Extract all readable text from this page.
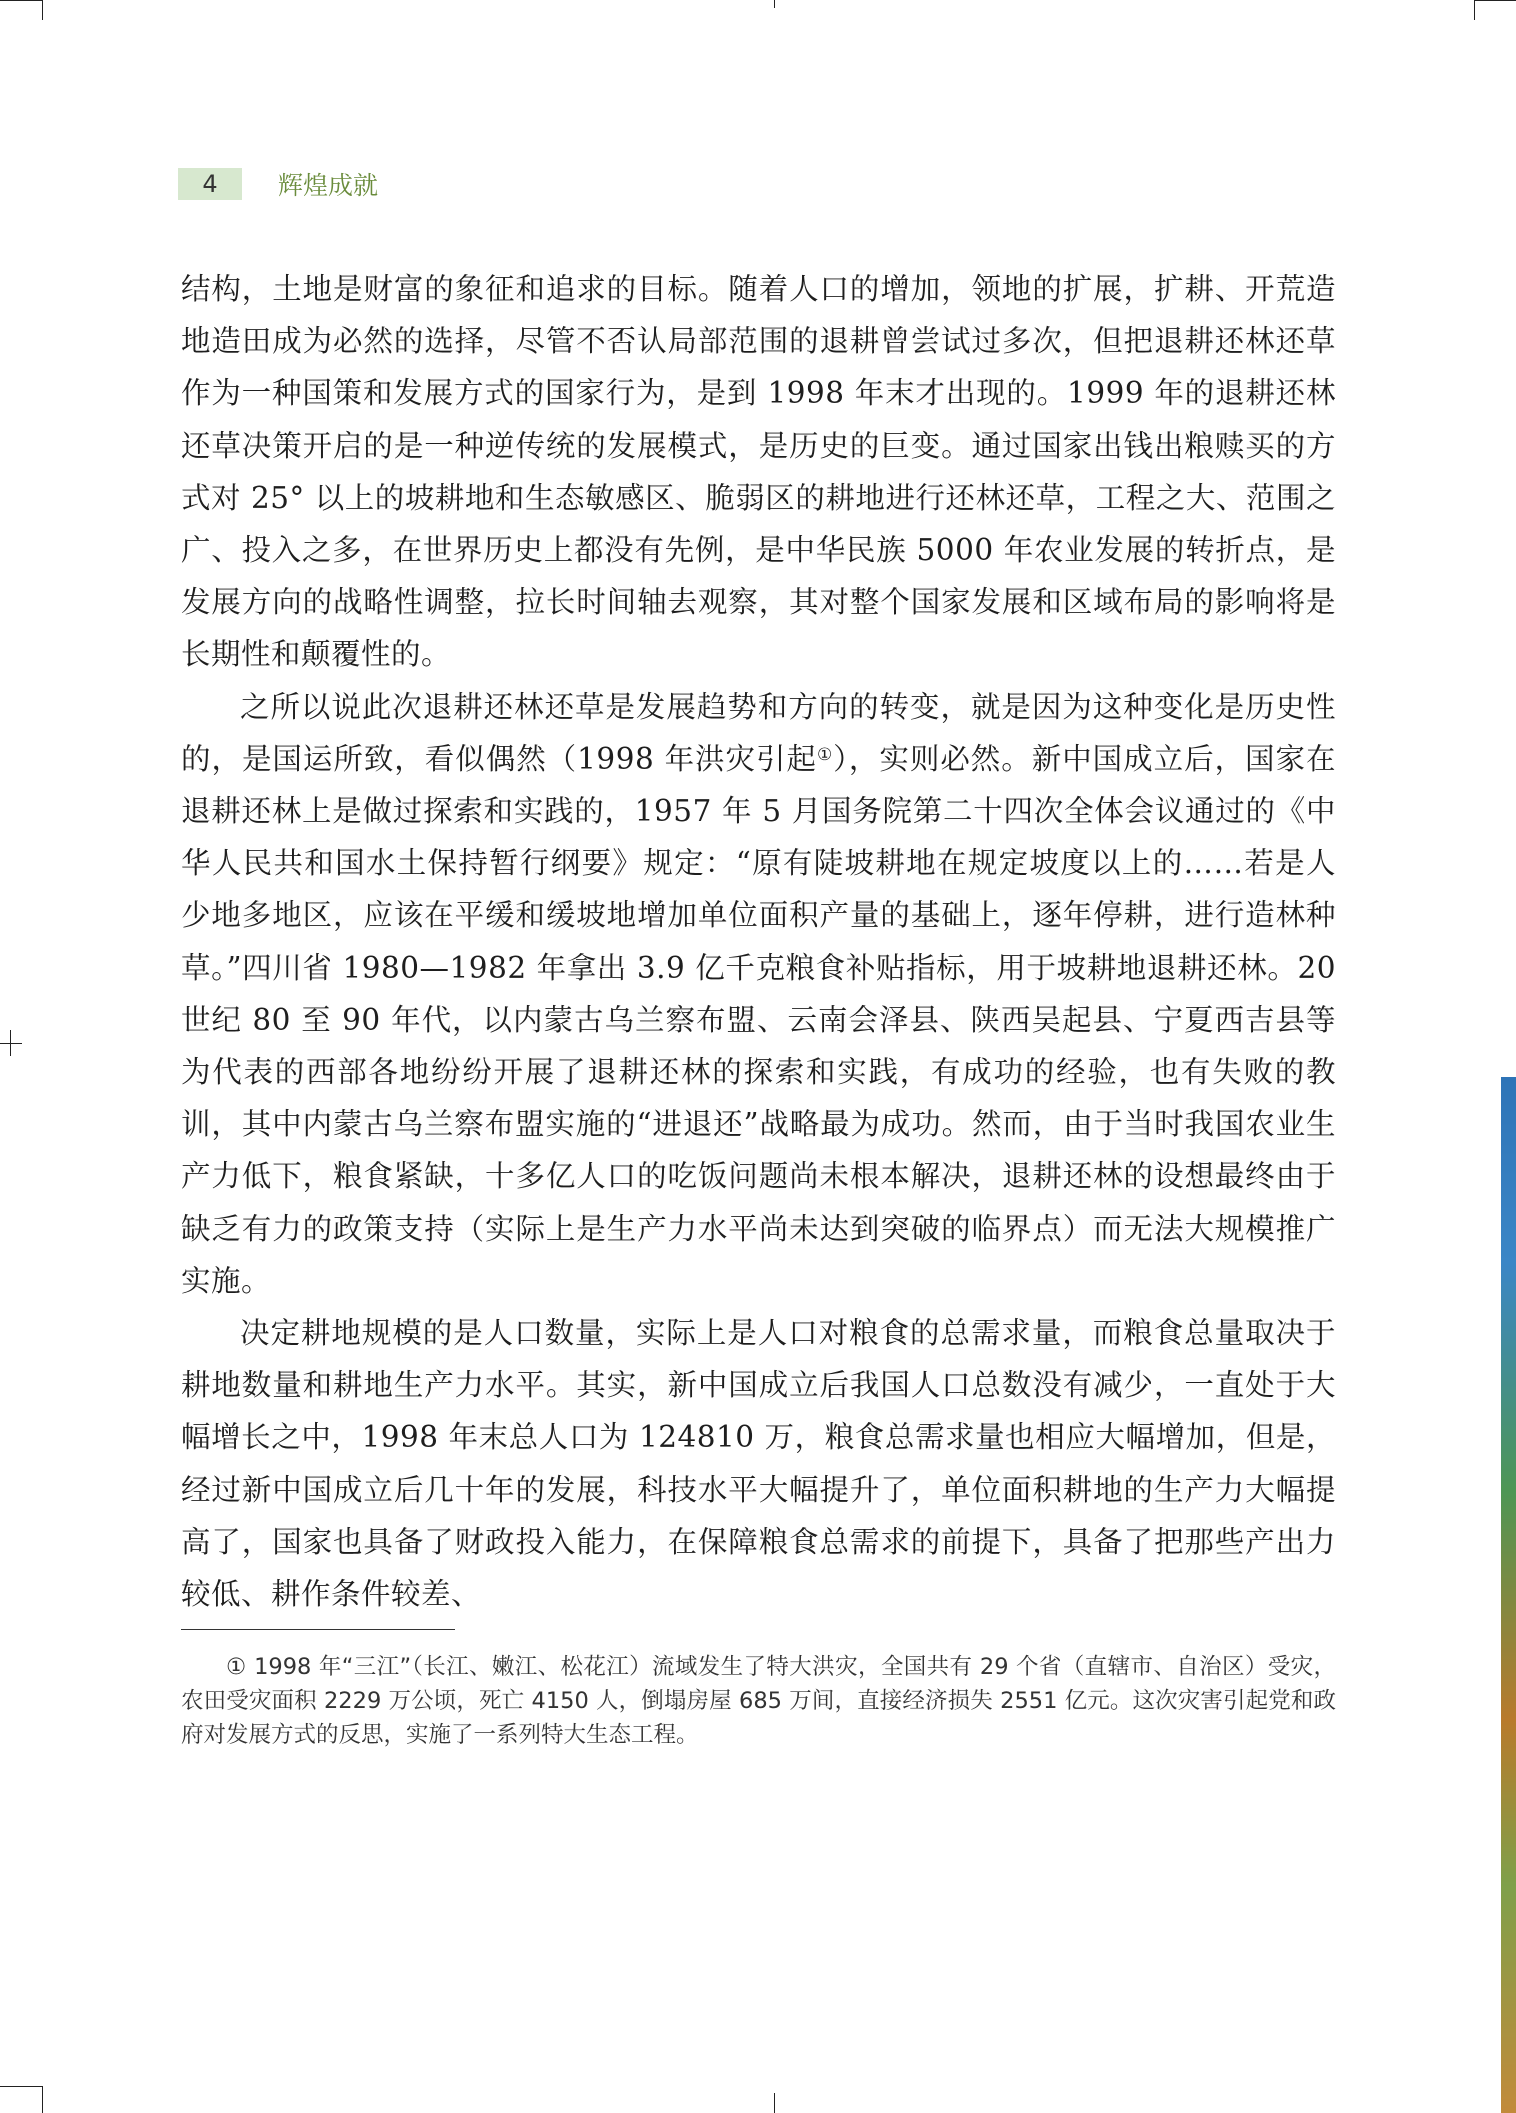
4	辉煌成就

结构，土地是财富的象征和追求的目标。随着人口的增加，领地的扩展，扩耕、开荒造地造田成为必然的选择，尽管不否认局部范围的退耕曾尝试过多次，但把退耕还林还草作为一种国策和发展方式的国家行为，是到 1998 年末才出现的。1999 年的退耕还林还草决策开启的是一种逆传统的发展模式，是历史的巨变。通过国家出钱出粮赎买的方式对 25° 以上的坡耕地和生态敏感区、脆弱区的耕地进行还林还草，工程之大、范围之广、投入之多，在世界历史上都没有先例，是中华民族 5000 年农业发展的转折点，是发展方向的战略性调整，拉长时间轴去观察，其对整个国家发展和区域布局的影响将是长期性和颠覆性的。

之所以说此次退耕还林还草是发展趋势和方向的转变，就是因为这种变化是历史性的，是国运所致，看似偶然（1998 年洪灾引起①），实则必然。新中国成立后，国家在退耕还林上是做过探索和实践的，1957 年 5 月国务院第二十四次全体会议通过的《中华人民共和国水土保持暂行纲要》规定：“原有陡坡耕地在规定坡度以上的……若是人少地多地区，应该在平缓和缓坡地增加单位面积产量的基础上，逐年停耕，进行造林种草。”四川省 1980—1982 年拿出 3.9 亿千克粮食补贴指标，用于坡耕地退耕还林。20 世纪 80 至 90 年代，以内蒙古乌兰察布盟、云南会泽县、陕西吴起县、宁夏西吉县等为代表的西部各地纷纷开展了退耕还林的探索和实践，有成功的经验，也有失败的教训，其中内蒙古乌兰察布盟实施的“进退还”战略最为成功。然而，由于当时我国农业生产力低下，粮食紧缺，十多亿人口的吃饭问题尚未根本解决，退耕还林的设想最终由于缺乏有力的政策支持（实际上是生产力水平尚未达到突破的临界点）而无法大规模推广实施。

决定耕地规模的是人口数量，实际上是人口对粮食的总需求量，而粮食总量取决于耕地数量和耕地生产力水平。其实，新中国成立后我国人口总数没有减少，一直处于大幅增长之中，1998 年末总人口为 124810 万，粮食总需求量也相应大幅增加，但是，经过新中国成立后几十年的发展，科技水平大幅提升了，单位面积耕地的生产力大幅提高了，国家也具备了财政投入能力，在保障粮食总需求的前提下，具备了把那些产出力较低、耕作条件较差、

① 1998 年“三江”（长江、嫩江、松花江）流域发生了特大洪灾，全国共有 29 个省（直辖市、自治区）受灾，农田受灾面积 2229 万公顷，死亡 4150 人，倒塌房屋 685 万间，直接经济损失 2551 亿元。这次灾害引起党和政府对发展方式的反思，实施了一系列特大生态工程。
